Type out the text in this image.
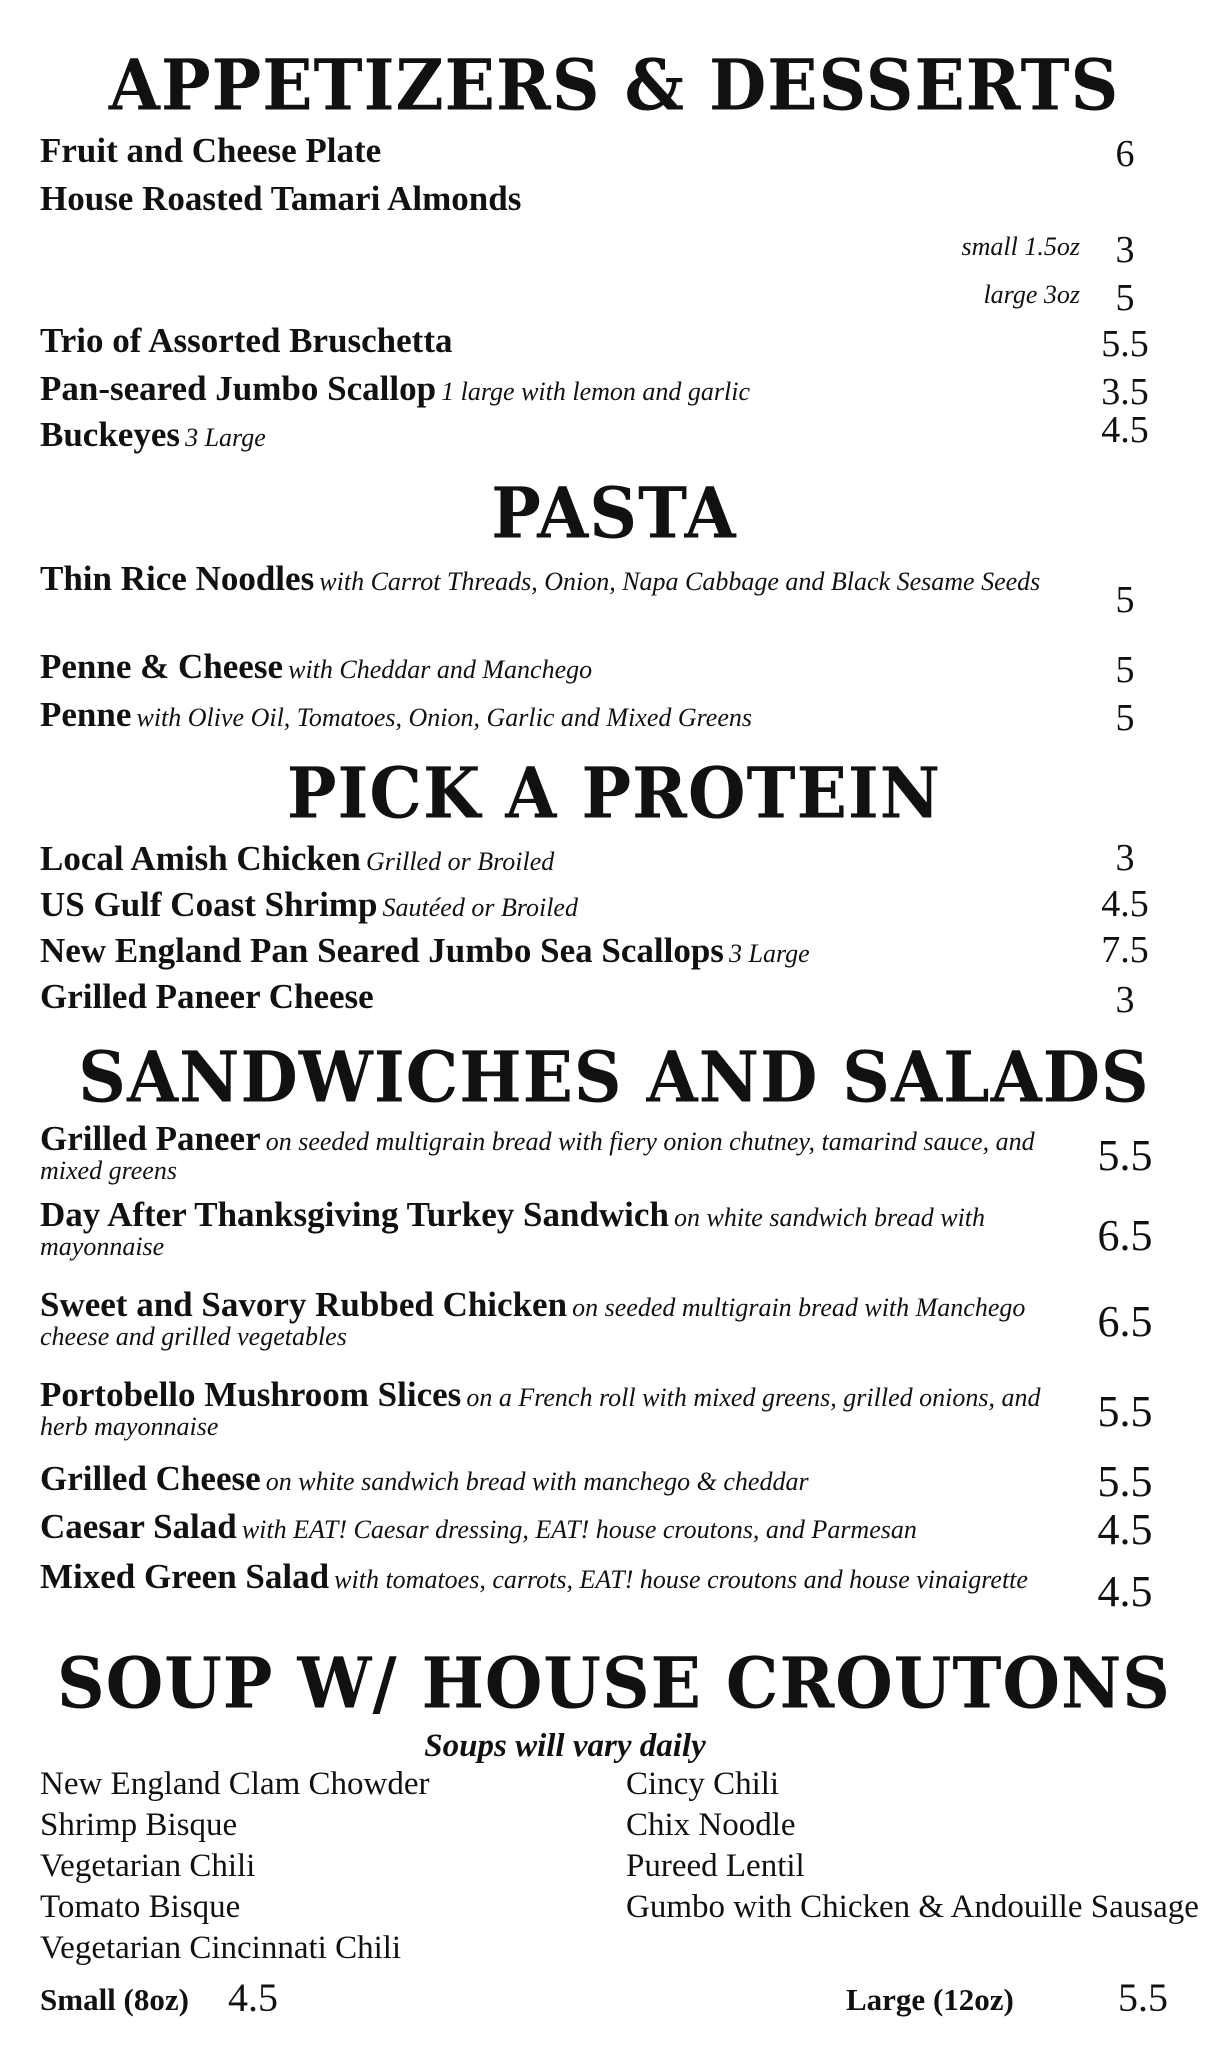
APPETIZERS & DESSERTS
Fruit and Cheese Plate	6
House Roasted Tamari Almonds
small 1.5oz 3
large 3oz 5
Trio of Assorted Bruschetta	5.5
Pan-seared Jumbo Scallop 1 large with lemon and garlic	3.5
Buckeyes 3 Large	4.5
PASTA
Thin Rice Noodles with Carrot Threads, Onion, Napa Cabbage and Black Sesame Seeds	5
Penne & Cheese with Cheddar and Manchego	5
Penne with Olive Oil, Tomatoes, Onion, Garlic and Mixed Greens	5
PICK A PROTEIN
Local Amish Chicken Grilled or Broiled	3
US Gulf Coast Shrimp Sautéed or Broiled	4.5
New England Pan Seared Jumbo Sea Scallops 3 Large	7.5
Grilled Paneer Cheese	3
SANDWICHES AND SALADS
Grilled Paneer on seeded multigrain bread with fiery onion chutney, tamarind sauce, and mixed greens	5.5
Day After Thanksgiving Turkey Sandwich on white sandwich bread with mayonnaise	6.5
Sweet and Savory Rubbed Chicken on seeded multigrain bread with Manchego cheese and grilled vegetables	6.5
Portobello Mushroom Slices on a French roll with mixed greens, grilled onions, and herb mayonnaise	5.5
Grilled Cheese on white sandwich bread with manchego & cheddar	5.5
Caesar Salad with EAT! Caesar dressing, EAT! house croutons, and Parmesan	4.5
Mixed Green Salad with tomatoes, carrots, EAT! house croutons and house vinaigrette	4.5
SOUP W/ HOUSE CROUTONS
Soups will vary daily
New England Clam Chowder
Shrimp Bisque
Vegetarian Chili
Tomato Bisque
Vegetarian Cincinnati Chili
Cincy Chili
Chix Noodle
Pureed Lentil
Gumbo with Chicken & Andouille Sausage
Small (8oz) 4.5	Large (12oz)	5.5
